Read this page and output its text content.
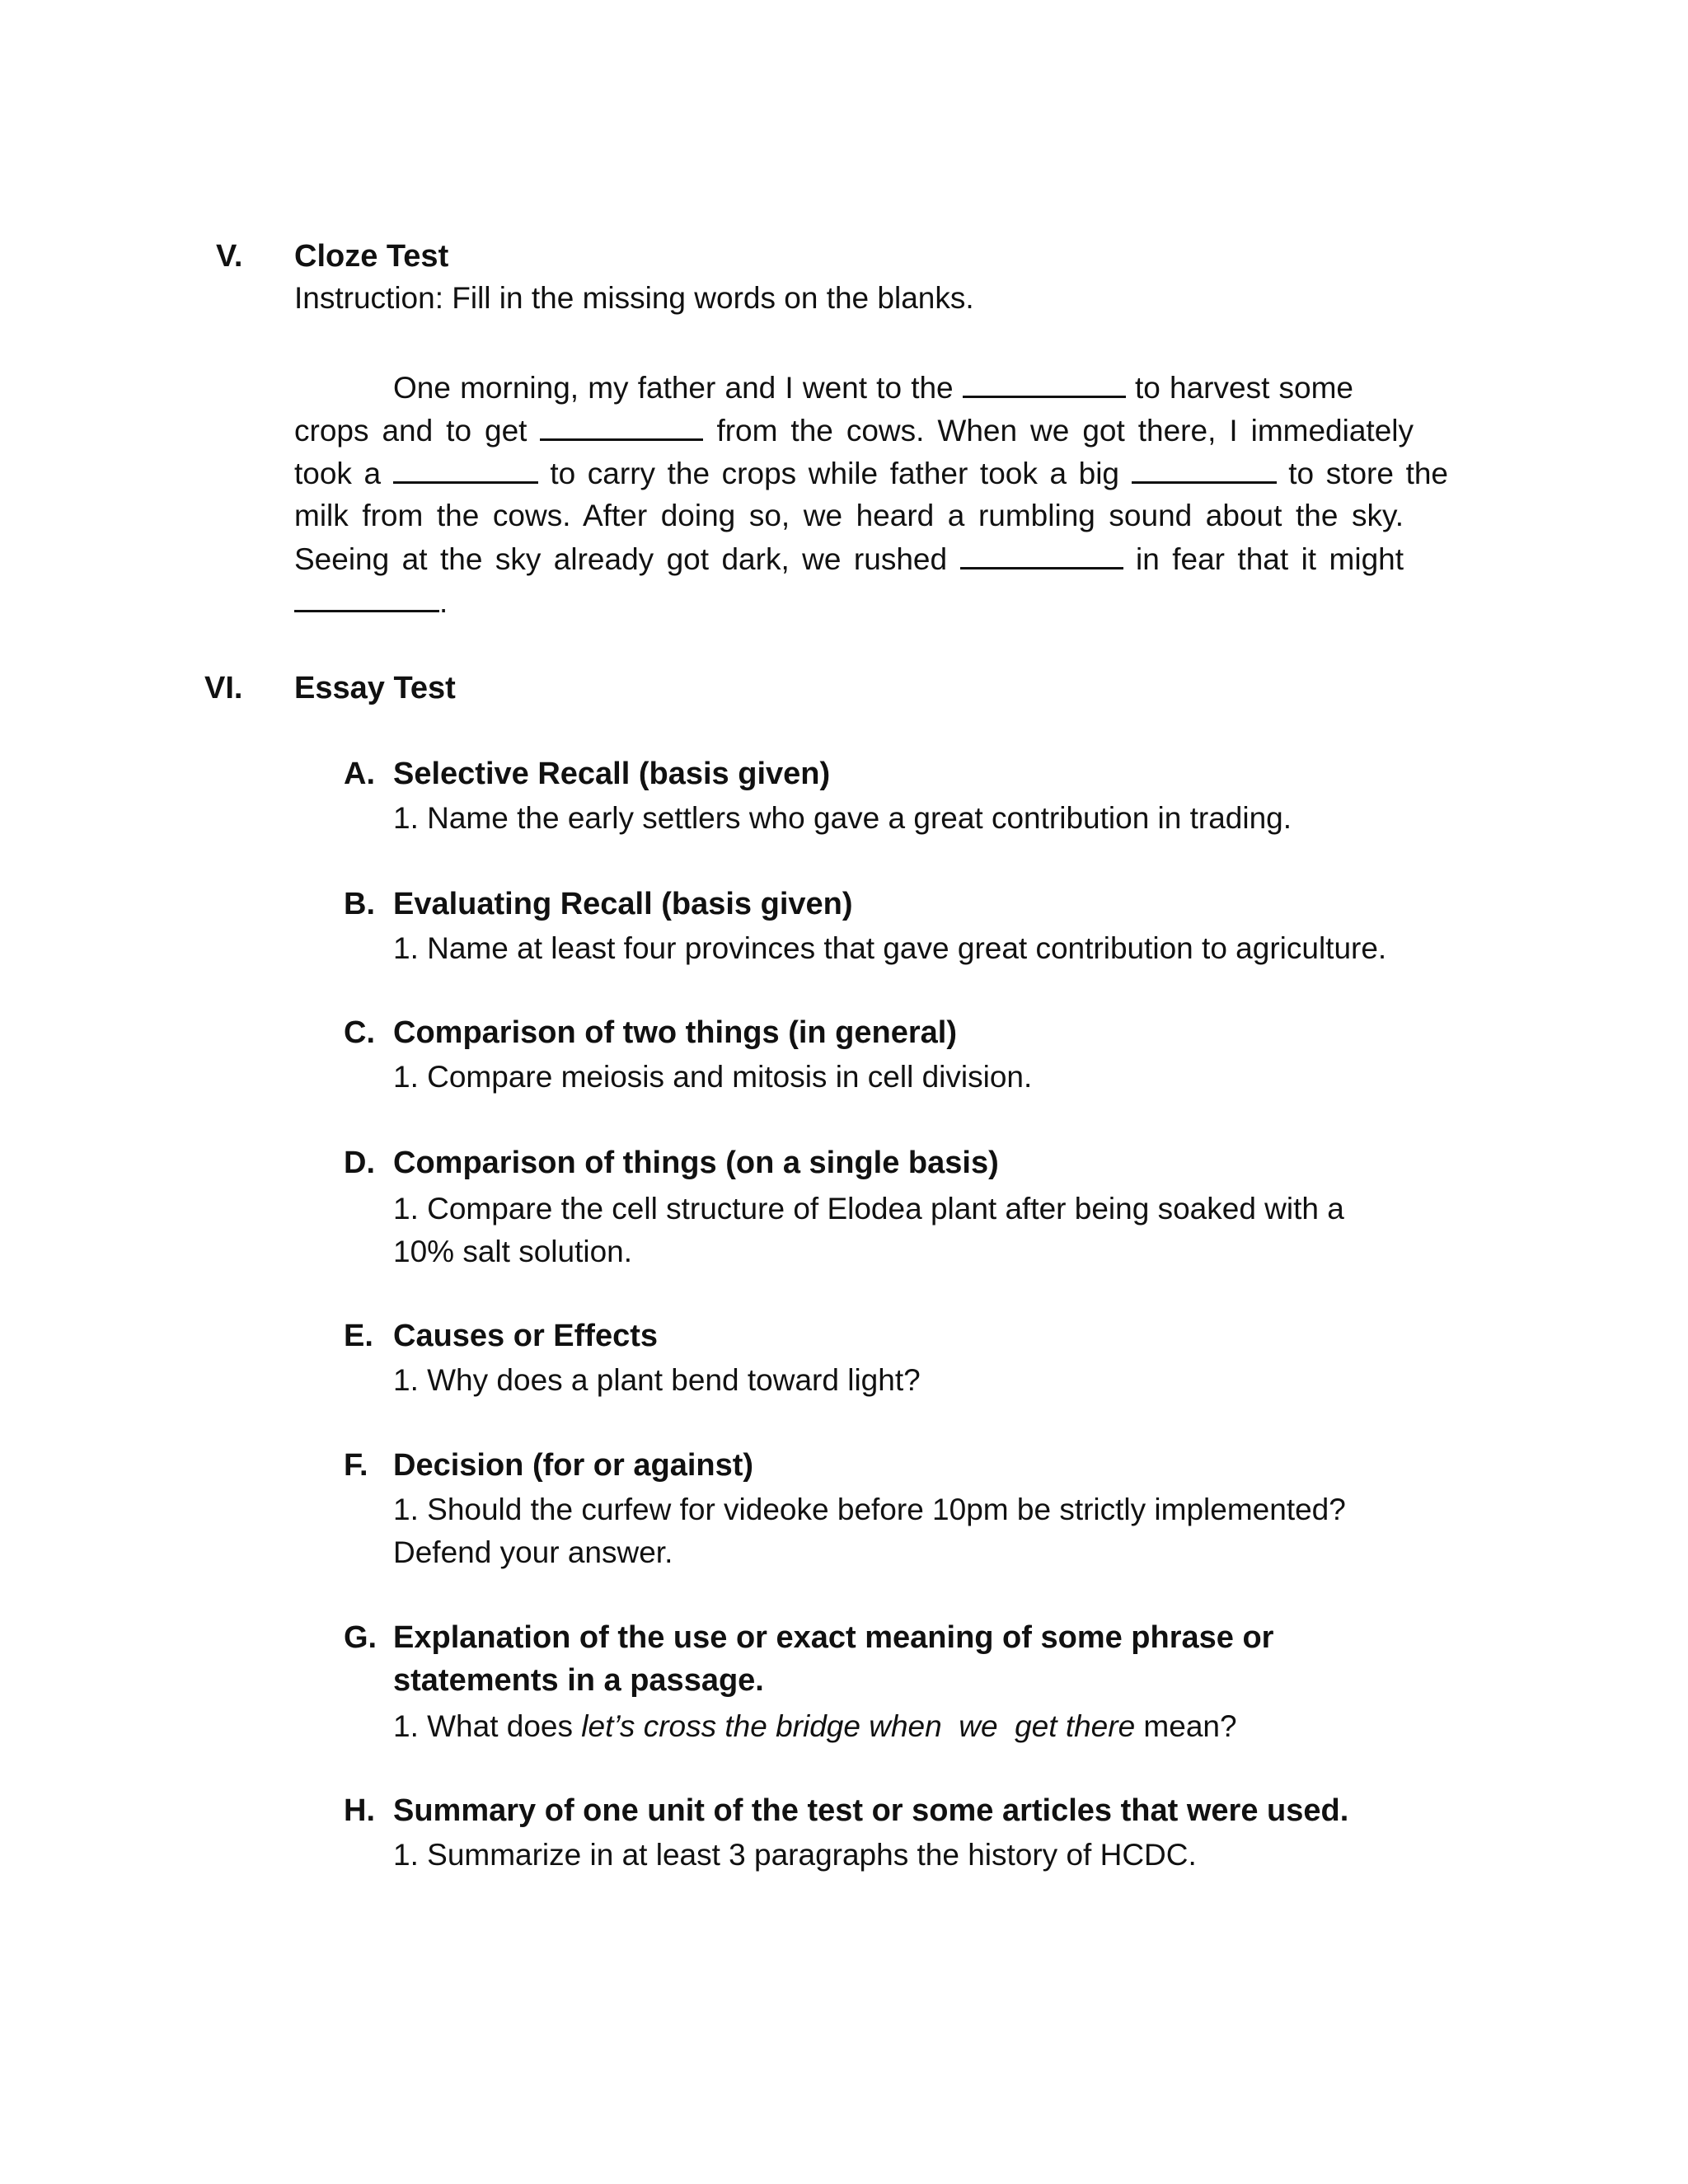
V. Cloze Test
Instruction: Fill in the missing words on the blanks.
One morning, my father and I went to the	to harvest some
crops and to get	from the cows. When we got there, I immediately
took a	to carry the crops while father took a big	to store the
milk from the cows. After doing so, we heard a rumbling sound about the sky.
Seeing at the sky already got dark, we rushed	in fear that it might
.
VI. Essay Test
A. Selective Recall (basis given)
1. Name the early settlers who gave a great contribution in trading.
B. Evaluating Recall (basis given)
1. Name at least four provinces that gave great contribution to agriculture.
C. Comparison of two things (in general)
1. Compare meiosis and mitosis in cell division.
D. Comparison of things (on a single basis)
1. Compare the cell structure of Elodea plant after being soaked with a
10% salt solution.
E. Causes or Effects
1. Why does a plant bend toward light?
F. Decision (for or against)
1. Should the curfew for videoke before 10pm be strictly implemented?
Defend your answer.
G. Explanation of the use or exact meaning of some phrase or
statements in a passage.
1. What does let’s cross the bridge when  we  get there mean?
H. Summary of one unit of the test or some articles that were used.
1. Summarize in at least 3 paragraphs the history of HCDC.
